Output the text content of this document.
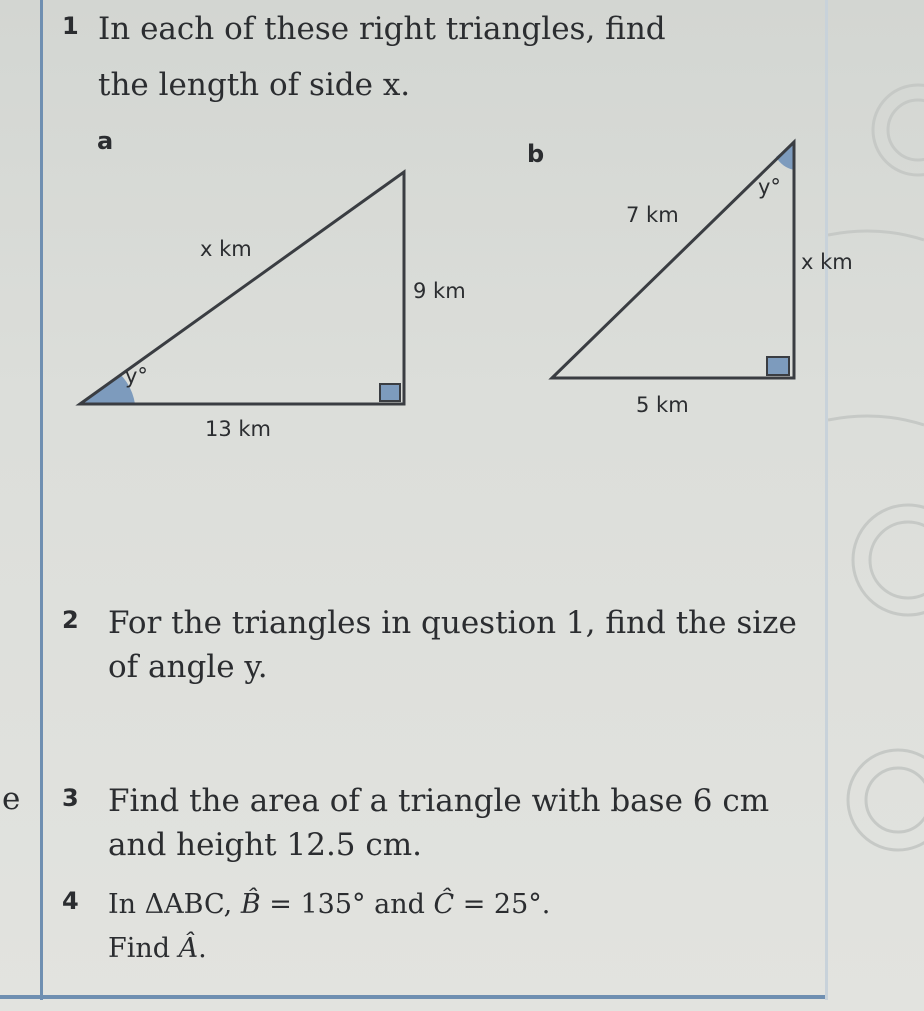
1 In each of these right triangles, find
the length of side x.
a
x km
9 km
13 km
y°
b
7 km
x km
5 km
y°
2 For the triangles in question 1, find the size
of angle y.
e 3 Find the area of a triangle with base 6 cm
and height 12.5 cm.
4 In ΔABC, B̂ = 135° and Ĉ = 25°.
Find Â.
